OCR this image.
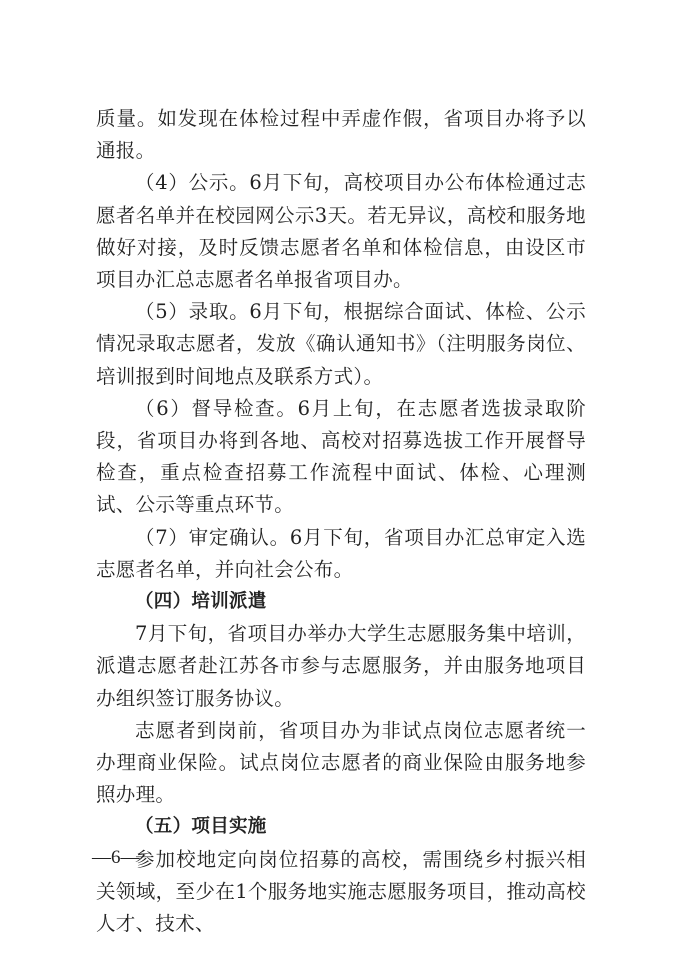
质量。如发现在体检过程中弄虚作假，省项目办将予以通报。

（4）公示。6月下旬，高校项目办公布体检通过志愿者名单并在校园网公示3天。若无异议，高校和服务地做好对接，及时反馈志愿者名单和体检信息，由设区市项目办汇总志愿者名单报省项目办。

（5）录取。6月下旬，根据综合面试、体检、公示情况录取志愿者，发放《确认通知书》（注明服务岗位、培训报到时间地点及联系方式）。

（6）督导检查。6月上旬，在志愿者选拔录取阶段，省项目办将到各地、高校对招募选拔工作开展督导检查，重点检查招募工作流程中面试、体检、心理测试、公示等重点环节。

（7）审定确认。6月下旬，省项目办汇总审定入选志愿者名单，并向社会公布。

（四）培训派遣

7月下旬，省项目办举办大学生志愿服务集中培训，派遣志愿者赴江苏各市参与志愿服务，并由服务地项目办组织签订服务协议。

志愿者到岗前，省项目办为非试点岗位志愿者统一办理商业保险。试点岗位志愿者的商业保险由服务地参照办理。

（五）项目实施

参加校地定向岗位招募的高校，需围绕乡村振兴相关领域，至少在1个服务地实施志愿服务项目，推动高校人才、技术、

—6—
